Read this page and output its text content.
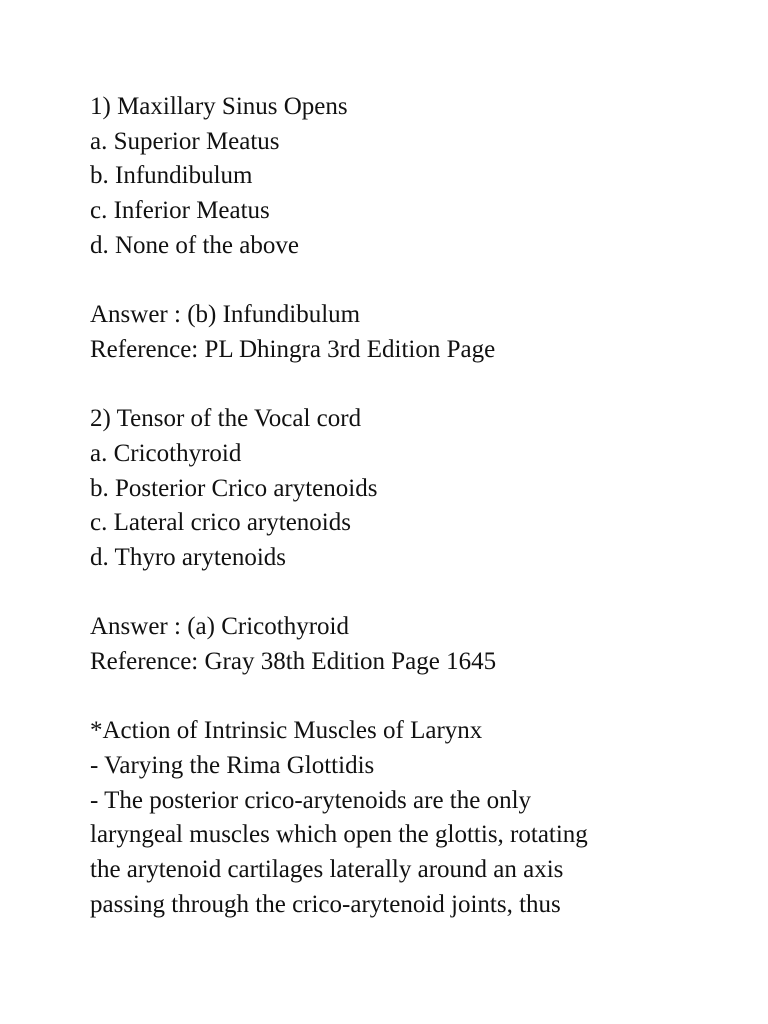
1) Maxillary Sinus Opens
a. Superior Meatus
b. Infundibulum
c. Inferior Meatus
d. None of the above
Answer : (b) Infundibulum
Reference: PL Dhingra 3rd Edition Page
2) Tensor of the Vocal cord
a. Cricothyroid
b. Posterior Crico arytenoids
c. Lateral crico arytenoids
d. Thyro arytenoids
Answer : (a) Cricothyroid
Reference: Gray 38th Edition Page 1645
*Action of Intrinsic Muscles of Larynx
- Varying the Rima Glottidis
- The posterior crico-arytenoids are the only
laryngeal muscles which open the glottis, rotating
the arytenoid cartilages laterally around an axis
passing through the crico-arytenoid joints, thus
